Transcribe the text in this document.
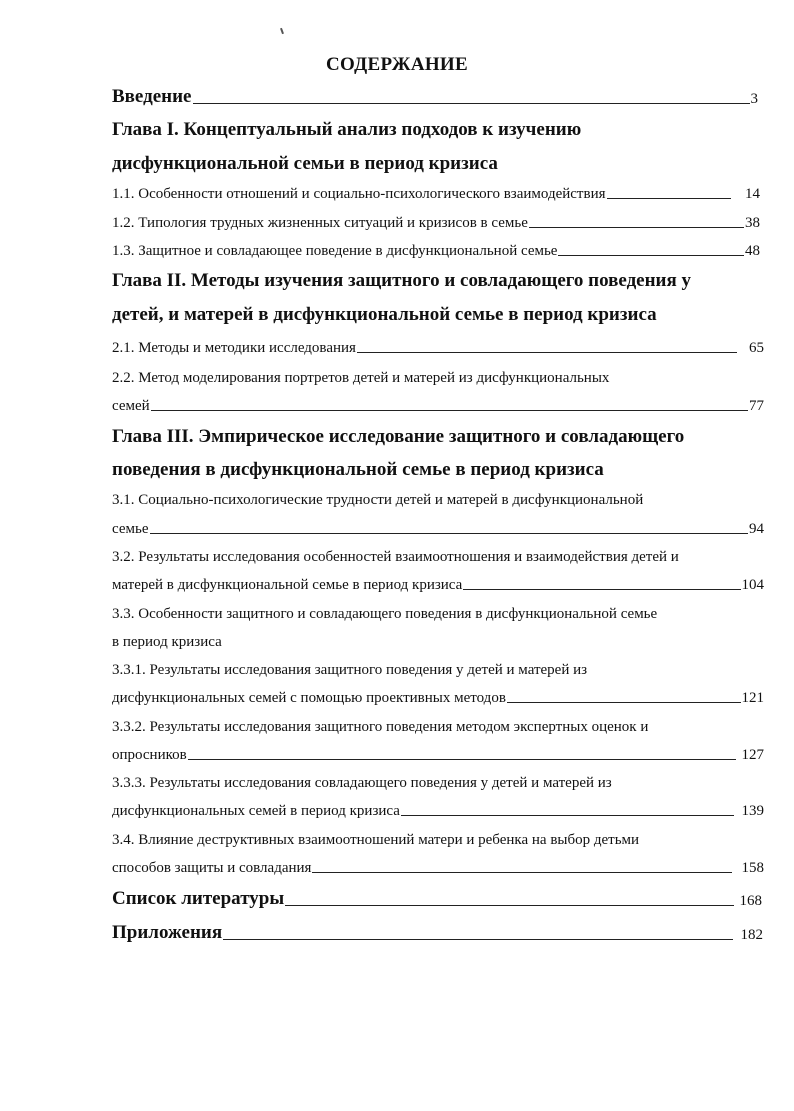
СОДЕРЖАНИЕ
Введение	3
Глава I. Концептуальный анализ подходов к изучению
дисфункциональной семьи в период кризиса
1.1. Особенности отношений и социально-психологического взаимодействия	14
1.2. Типология трудных жизненных ситуаций и кризисов в семье	38
1.3. Защитное и совладающее поведение в дисфункциональной семье	48
Глава II. Методы изучения защитного и совладающего поведения у
детей, и матерей в дисфункциональной семье в период кризиса
2.1. Методы и методики исследования	65
2.2. Метод моделирования портретов детей и матерей из дисфункциональных
семей	77
Глава III. Эмпирическое исследование защитного и совладающего
поведения в дисфункциональной семье в период кризиса
3.1. Социально-психологические трудности детей и матерей в дисфункциональной
семье	94
3.2. Результаты исследования особенностей взаимоотношения и взаимодействия детей и
матерей в дисфункциональной семье в период кризиса	104
3.3. Особенности защитного и совладающего поведения в дисфункциональной семье
в период кризиса
3.3.1. Результаты исследования защитного поведения у детей и матерей из
дисфункциональных семей с помощью проективных методов	121
3.3.2. Результаты исследования защитного поведения методом экспертных оценок и
опросников	127
3.3.3. Результаты исследования совладающего поведения у детей и матерей из
дисфункциональных семей в период кризиса	139
3.4. Влияние деструктивных взаимоотношений матери и ребенка на выбор детьми
способов защиты и совладания	158
Список литературы	168
Приложения	182
